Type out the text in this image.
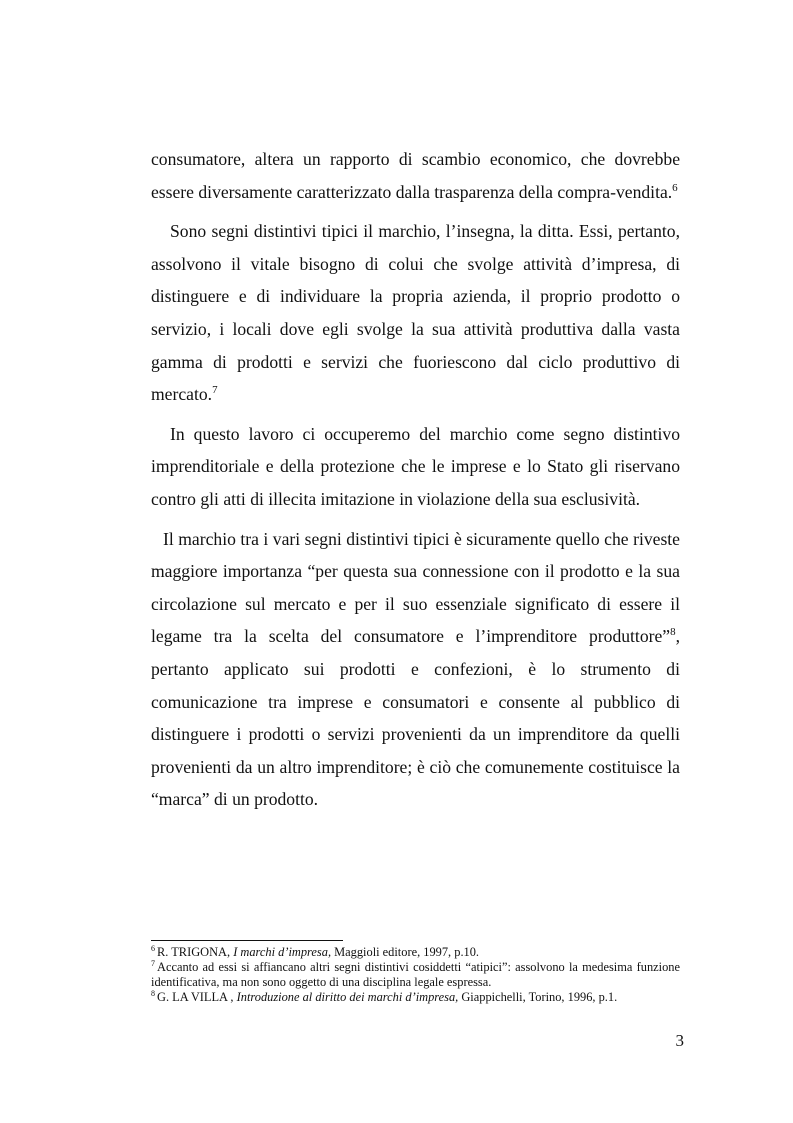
consumatore, altera un rapporto di scambio economico, che dovrebbe essere diversamente caratterizzato dalla trasparenza della compra-vendita.$^6$

Sono segni distintivi tipici il marchio, l’insegna, la ditta. Essi, pertanto, assolvono il vitale bisogno di colui che svolge attività d’impresa, di distinguere e di individuare la propria azienda, il proprio prodotto o servizio, i locali dove egli svolge la sua attività produttiva dalla vasta gamma di prodotti e servizi che fuoriescono dal ciclo produttivo di mercato.$^7$

In questo lavoro ci occuperemo del marchio come segno distintivo imprenditoriale e della protezione che le imprese e lo Stato gli riservano contro gli atti di illecita imitazione in violazione della sua esclusività.

Il marchio tra i vari segni distintivi tipici è sicuramente quello che riveste maggiore importanza “per questa sua connessione con il prodotto e la sua circolazione sul mercato e per il suo essenziale significato di essere il legame tra la scelta del consumatore e l’imprenditore produttore”$^8$, pertanto applicato sui prodotti e confezioni, è lo strumento di comunicazione tra imprese e consumatori e consente al pubblico di distinguere i prodotti o servizi provenienti da un imprenditore da quelli provenienti da un altro imprenditore; è ciò che comunemente costituisce la “marca” di un prodotto.

$^6$ R. TRIGONA, I marchi d’impresa, Maggioli editore, 1997, p.10.

$^7$ Accanto ad essi si affiancano altri segni distintivi cosiddetti “atipici”: assolvono la medesima funzione identificativa, ma non sono oggetto di una disciplina legale espressa.

$^8$ G. LA VILLA , Introduzione al diritto dei marchi d’impresa, Giappichelli, Torino, 1996, p.1.

3
